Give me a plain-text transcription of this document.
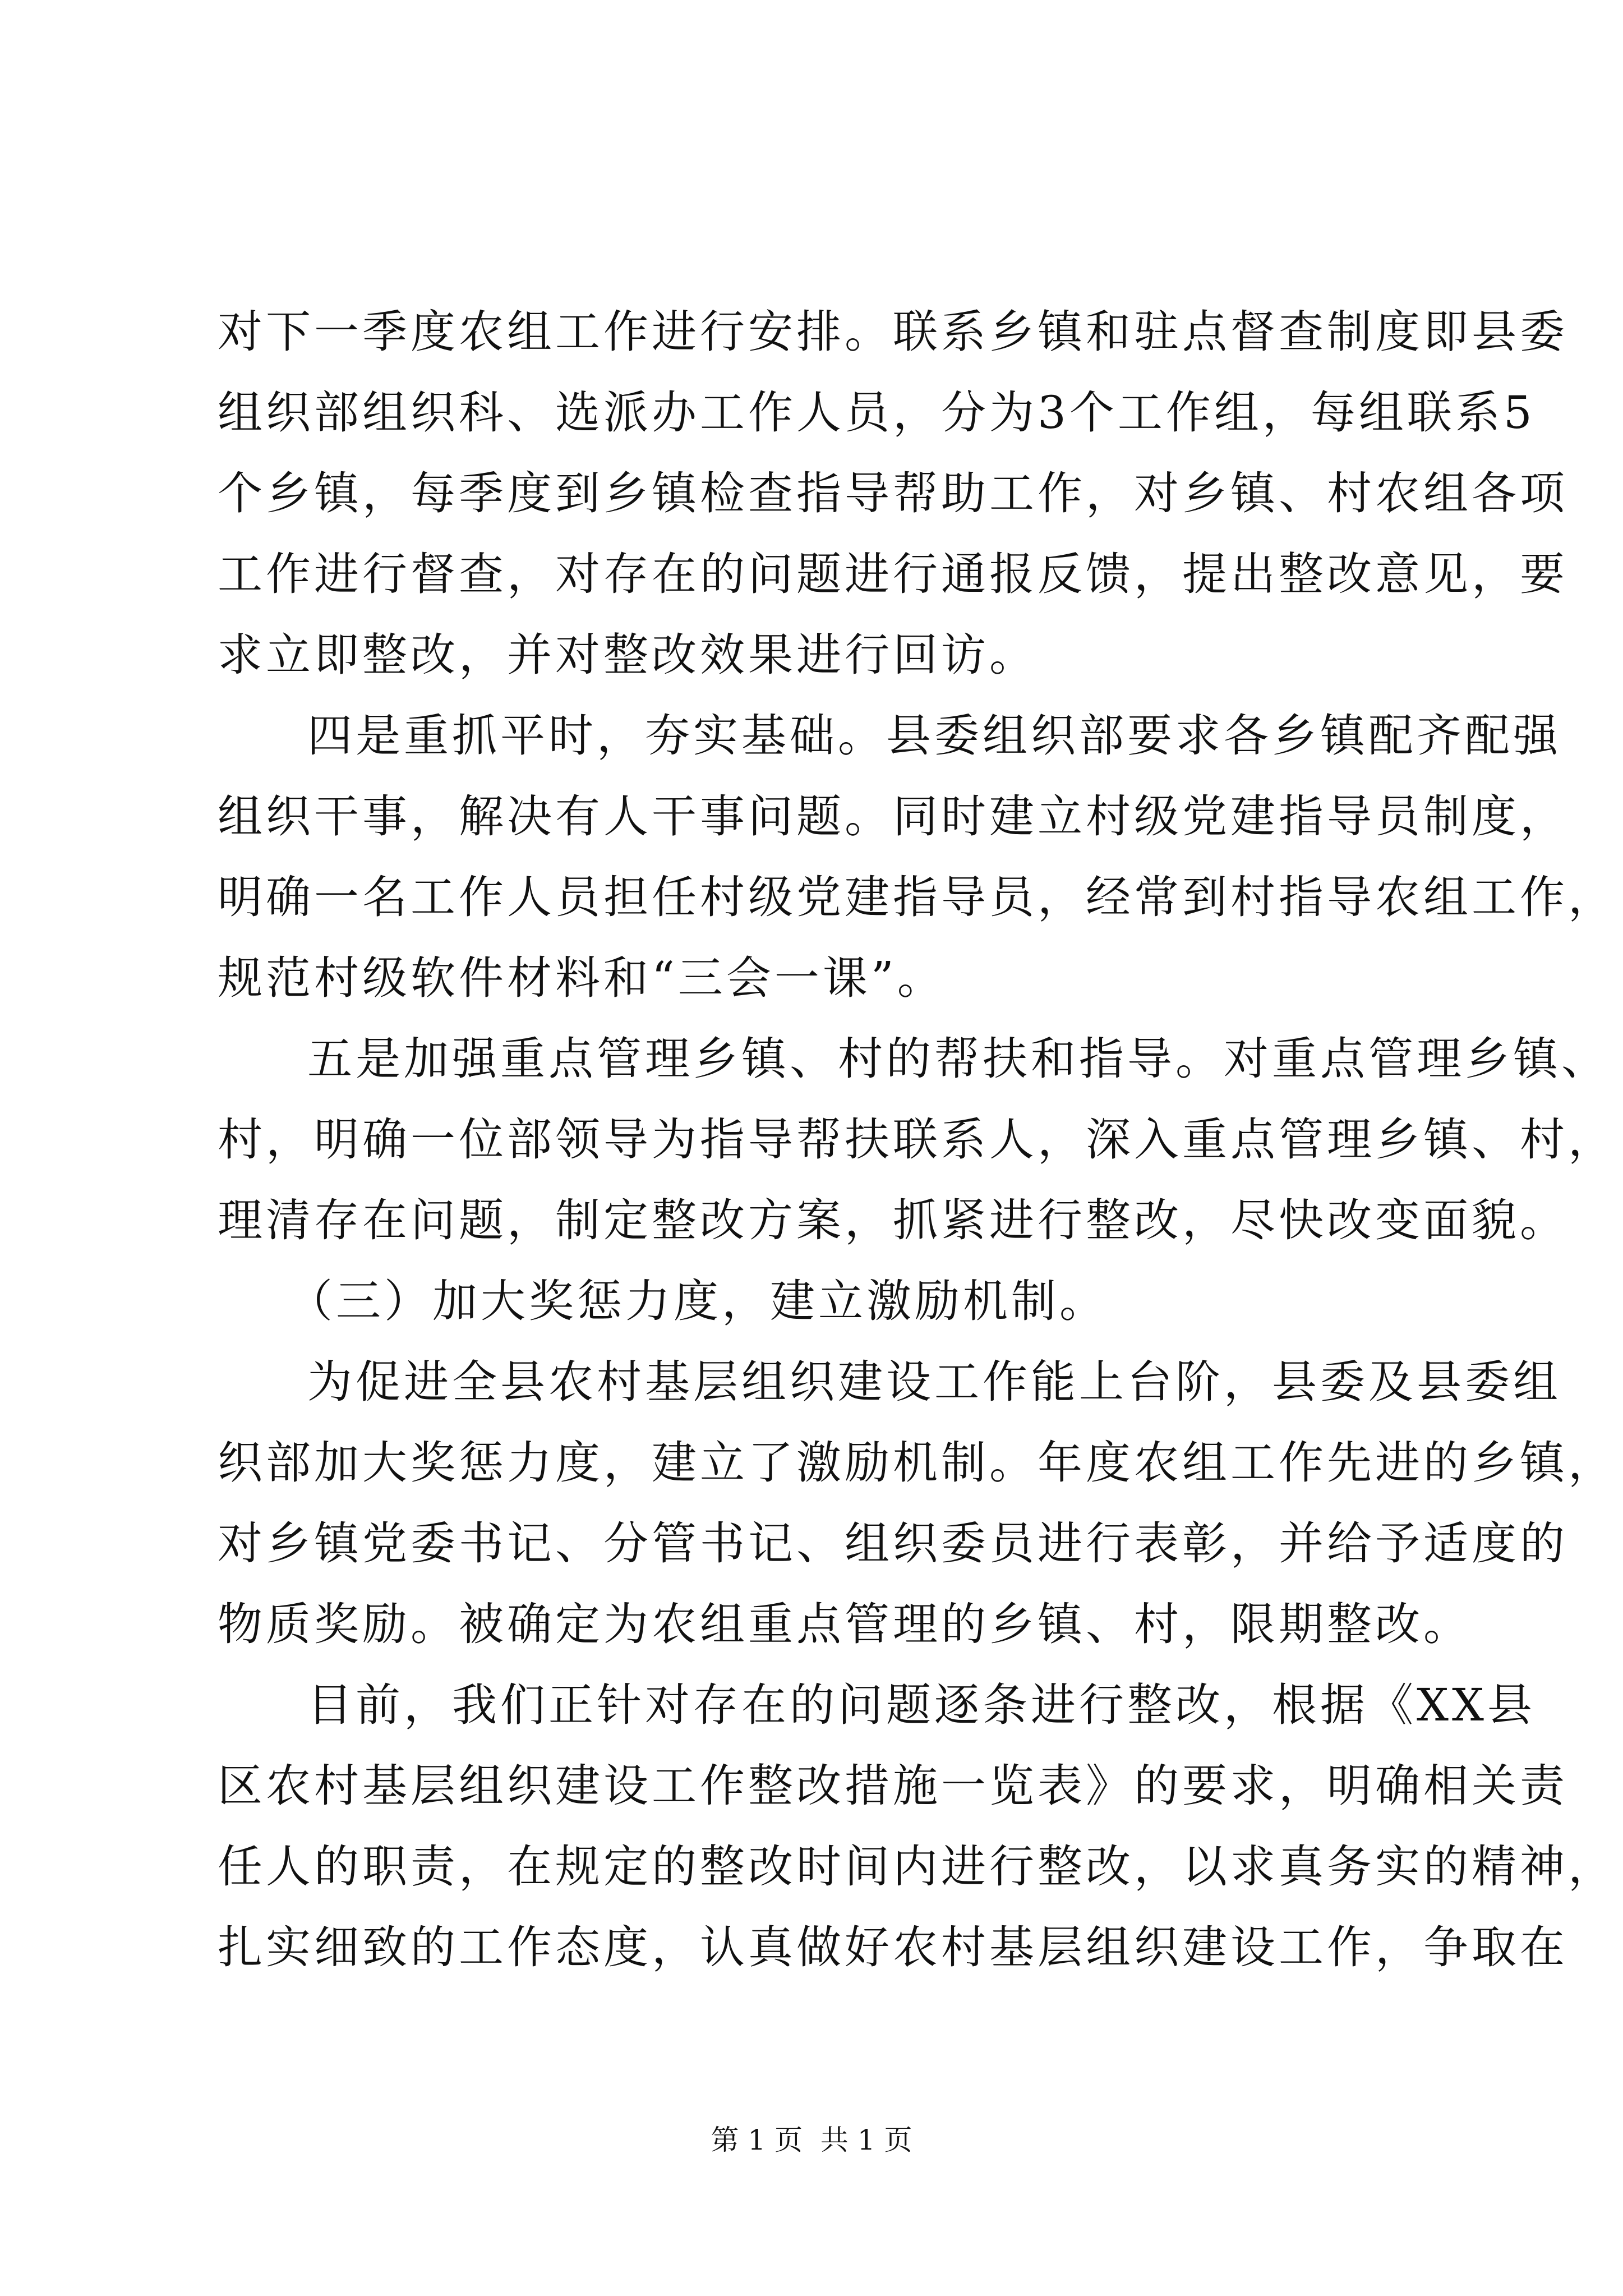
对下一季度农组工作进行安排。联系乡镇和驻点督查制度即县委
组织部组织科、选派办工作人员，分为3个工作组，每组联系5
个乡镇，每季度到乡镇检查指导帮助工作，对乡镇、村农组各项
工作进行督查，对存在的问题进行通报反馈，提出整改意见，要
求立即整改，并对整改效果进行回访。
四是重抓平时，夯实基础。县委组织部要求各乡镇配齐配强
组织干事，解决有人干事问题。同时建立村级党建指导员制度，
明确一名工作人员担任村级党建指导员，经常到村指导农组工作，
规范村级软件材料和“三会一课”。
五是加强重点管理乡镇、村的帮扶和指导。对重点管理乡镇、
村，明确一位部领导为指导帮扶联系人，深入重点管理乡镇、村，
理清存在问题，制定整改方案，抓紧进行整改，尽快改变面貌。
（三）加大奖惩力度，建立激励机制。
为促进全县农村基层组织建设工作能上台阶，县委及县委组
织部加大奖惩力度，建立了激励机制。年度农组工作先进的乡镇，
对乡镇党委书记、分管书记、组织委员进行表彰，并给予适度的
物质奖励。被确定为农组重点管理的乡镇、村，限期整改。
目前，我们正针对存在的问题逐条进行整改，根据《XX县
区农村基层组织建设工作整改措施一览表》的要求，明确相关责
任人的职责，在规定的整改时间内进行整改，以求真务实的精神，
扎实细致的工作态度，认真做好农村基层组织建设工作，争取在
第 1 页  共 1 页
